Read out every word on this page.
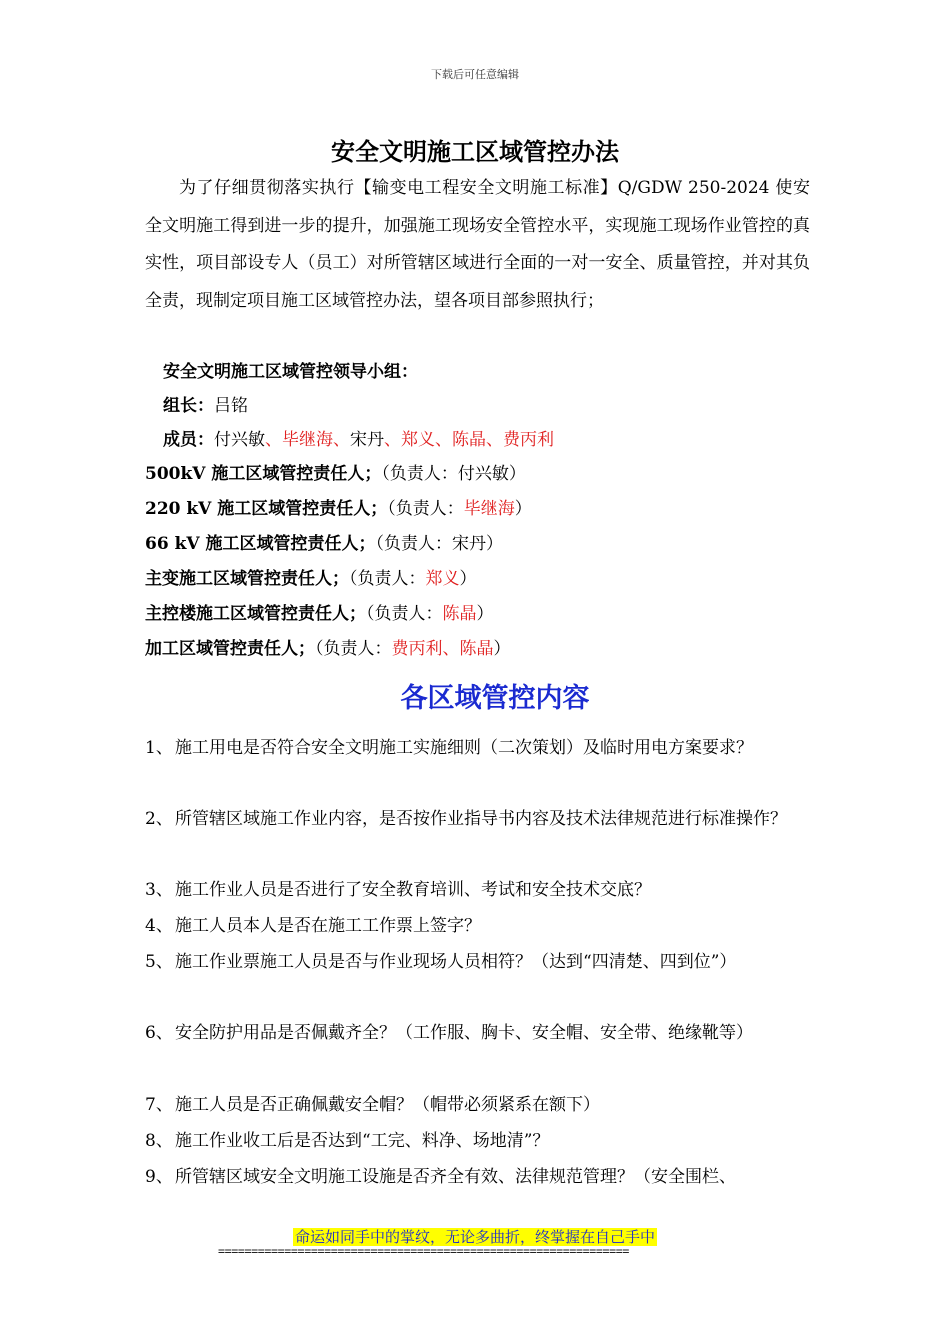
下载后可任意编辑
安全文明施工区域管控办法

为了仔细贯彻落实执行【输变电工程安全文明施工标准】Q/GDW 250-2024 使安全文明施工得到进一步的提升，加强施工现场安全管控水平，实现施工现场作业管控的真实性，项目部设专人（员工）对所管辖区域进行全面的一对一安全、质量管控，并对其负全责，现制定项目施工区域管控办法，望各项目部参照执行；

安全文明施工区域管控领导小组：
组长：吕铭
成员：付兴敏、毕继海、宋丹、郑义、陈晶、费丙利
500kV 施工区域管控责任人；（负责人：付兴敏）
220 kV 施工区域管控责任人；（负责人：毕继海）
66 kV 施工区域管控责任人；（负责人：宋丹）
主变施工区域管控责任人；（负责人：郑义）
主控楼施工区域管控责任人；（负责人：陈晶）
加工区域管控责任人；（负责人：费丙利、陈晶）
各区域管控内容
1、 施工用电是否符合安全文明施工实施细则（二次策划）及临时用电方案要求？
2、 所管辖区域施工作业内容，是否按作业指导书内容及技术法律规范进行标准操作？
3、 施工作业人员是否进行了安全教育培训、考试和安全技术交底？
4、 施工人员本人是否在施工工作票上签字？
5、 施工作业票施工人员是否与作业现场人员相符？（达到“四清楚、四到位”）
6、 安全防护用品是否佩戴齐全？（工作服、胸卡、安全帽、安全带、绝缘靴等）
7、 施工人员是否正确佩戴安全帽？（帽带必须紧系在额下）
8、 施工作业收工后是否达到“工完、料净、场地清”？
9、 所管辖区域安全文明施工设施是否齐全有效、法律规范管理？（安全围栏、
命运如同手中的掌纹，无论多曲折，终掌握在自己手中
==============================================================
